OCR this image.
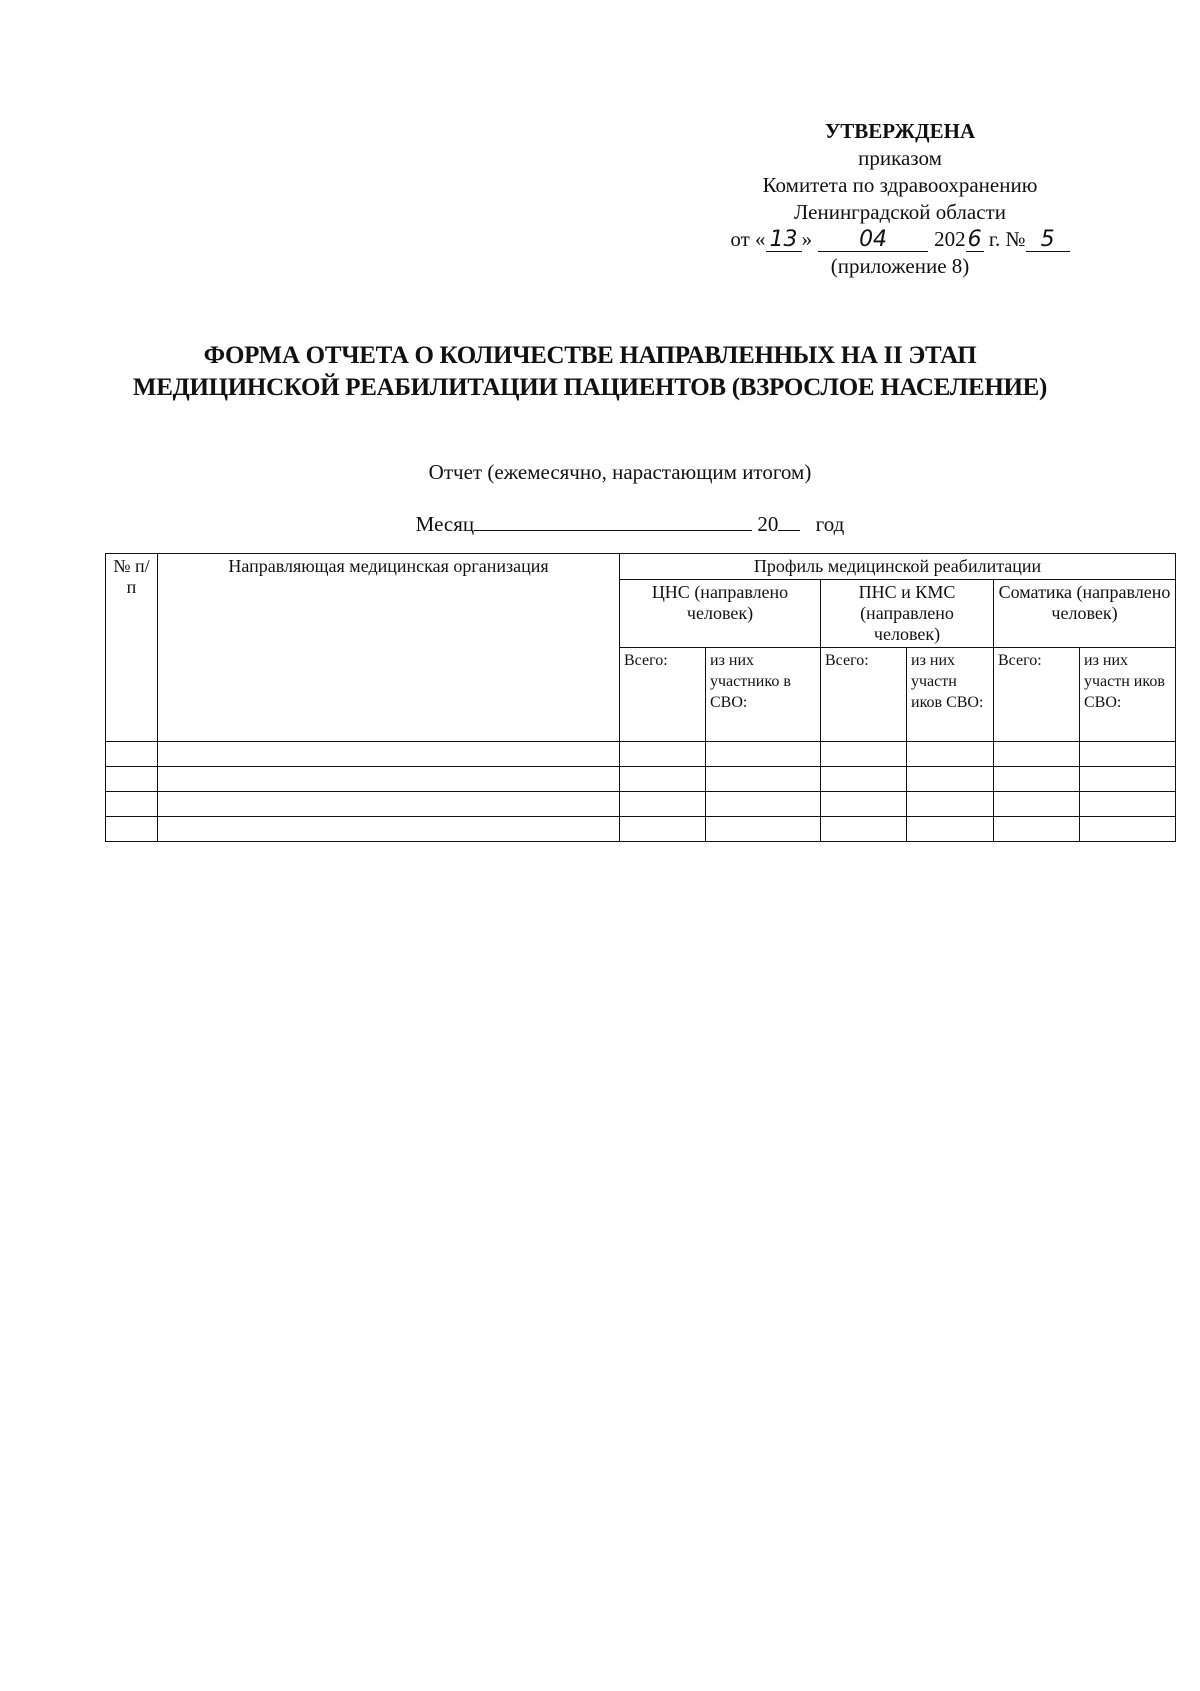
УТВЕРЖДЕНА
приказом
Комитета по здравоохранению
Ленинградской области
от « 13 »	04	202 6 г. № 5
(приложение 8)
ФОРМА ОТЧЕТА О КОЛИЧЕСТВЕ НАПРАВЛЕННЫХ НА II ЭТАП
МЕДИЦИНСКОЙ РЕАБИЛИТАЦИИ ПАЦИЕНТОВ (ВЗРОСЛОЕ НАСЕЛЕНИЕ)
Отчет (ежемесячно, нарастающим итогом)
Месяц	20 год
№ п/п	Направляющая медицинская организация	Профиль медицинской реабилитации					
		ЦНС (направлено человек)		ПНС и КМС (направлено человек)		Соматика (направлено человек)	
		Всего:	из них участнико в СВО:	Всего:	из них участн иков СВО:	Всего:	из них участн иков СВО:
